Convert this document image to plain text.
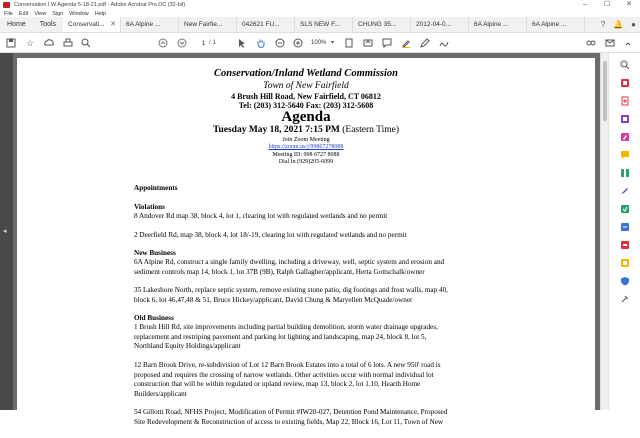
Conservation I.W Agenda 5-18-21.pdf - Adobe Acrobat Pro DC (32-bit)	–	☐	✕
File Edit View Sign Window Help
Home	Tools	Conservati... ✕	6A Alpine ...	New Fairfie...	042621 FU...	SLS NEW F...	CHUNG 35...	2012-04-0...	6A Alpine ...	6A Alpine ...	? 🔔 ●
☆
1	/ 1	100% ▾
◂
Conservation/Inland Wetland Commission
Town of New Fairfield
4 Brush Hill Road, New Fairfield, CT 06812
Tel: (203) 312-5640 Fax: (203) 312-5608
Agenda
Tuesday May 18, 2021 7:15 PM (Eastern Time)
Join Zoom Meeting
https://zoom.us/j/99867278088
Meeting ID: 998 6727 8088
Dial In (929)205-6099
Appointments
Violations
8 Andover Rd map 38, block 4, lot 1, clearing lot with regulated wetlands and no permit
2 Deerfield Rd, map 38, block 4, lot 18/-19, clearing lot with regulated wetlands and no permit
New Business
6A Alpine Rd, construct a single family dwelling, including a driveway, well, septic system and erosion and
sediment controls map 14, block 1, lot 37B (9B), Ralph Gallagher/applicant, Herta Gottschalk/owner
35 Lakeshore North, replace septic system, remove existing stone patio, dig footings and frost walls, map 40,
block 6, lot 46,47,48 & 51, Bruce Hickey/applicant, David Chung & Maryellen McQuade/owner
Old Business
1 Brush Hill Rd, site improvements including partial building demolition, storm water drainage upgrades,
replacement and restriping pavement and parking lot lighting and landscaping, map 24, block 8, lot 5,
Northland Equity Holdings/applicant
12 Barn Brook Drive, re-subdivision of Lot 12 Barn Brook Estates into a total of 6 lots. A new 950' road is
proposed and requires the crossing of narrow wetlands. Other activities occur with normal individual lot
construction that will be within regulated or upland review, map 13, block 2, lot 1.10, Hearth Home
Builders/applicant
54 Gillotti Road, NFHS Project, Modification of Permit #IW20-027, Detention Pond Maintenance, Proposed
Site Redevelopment & Reconstruction of access to existing fields, Map 22, Block 16, Lot 11, Town of New
